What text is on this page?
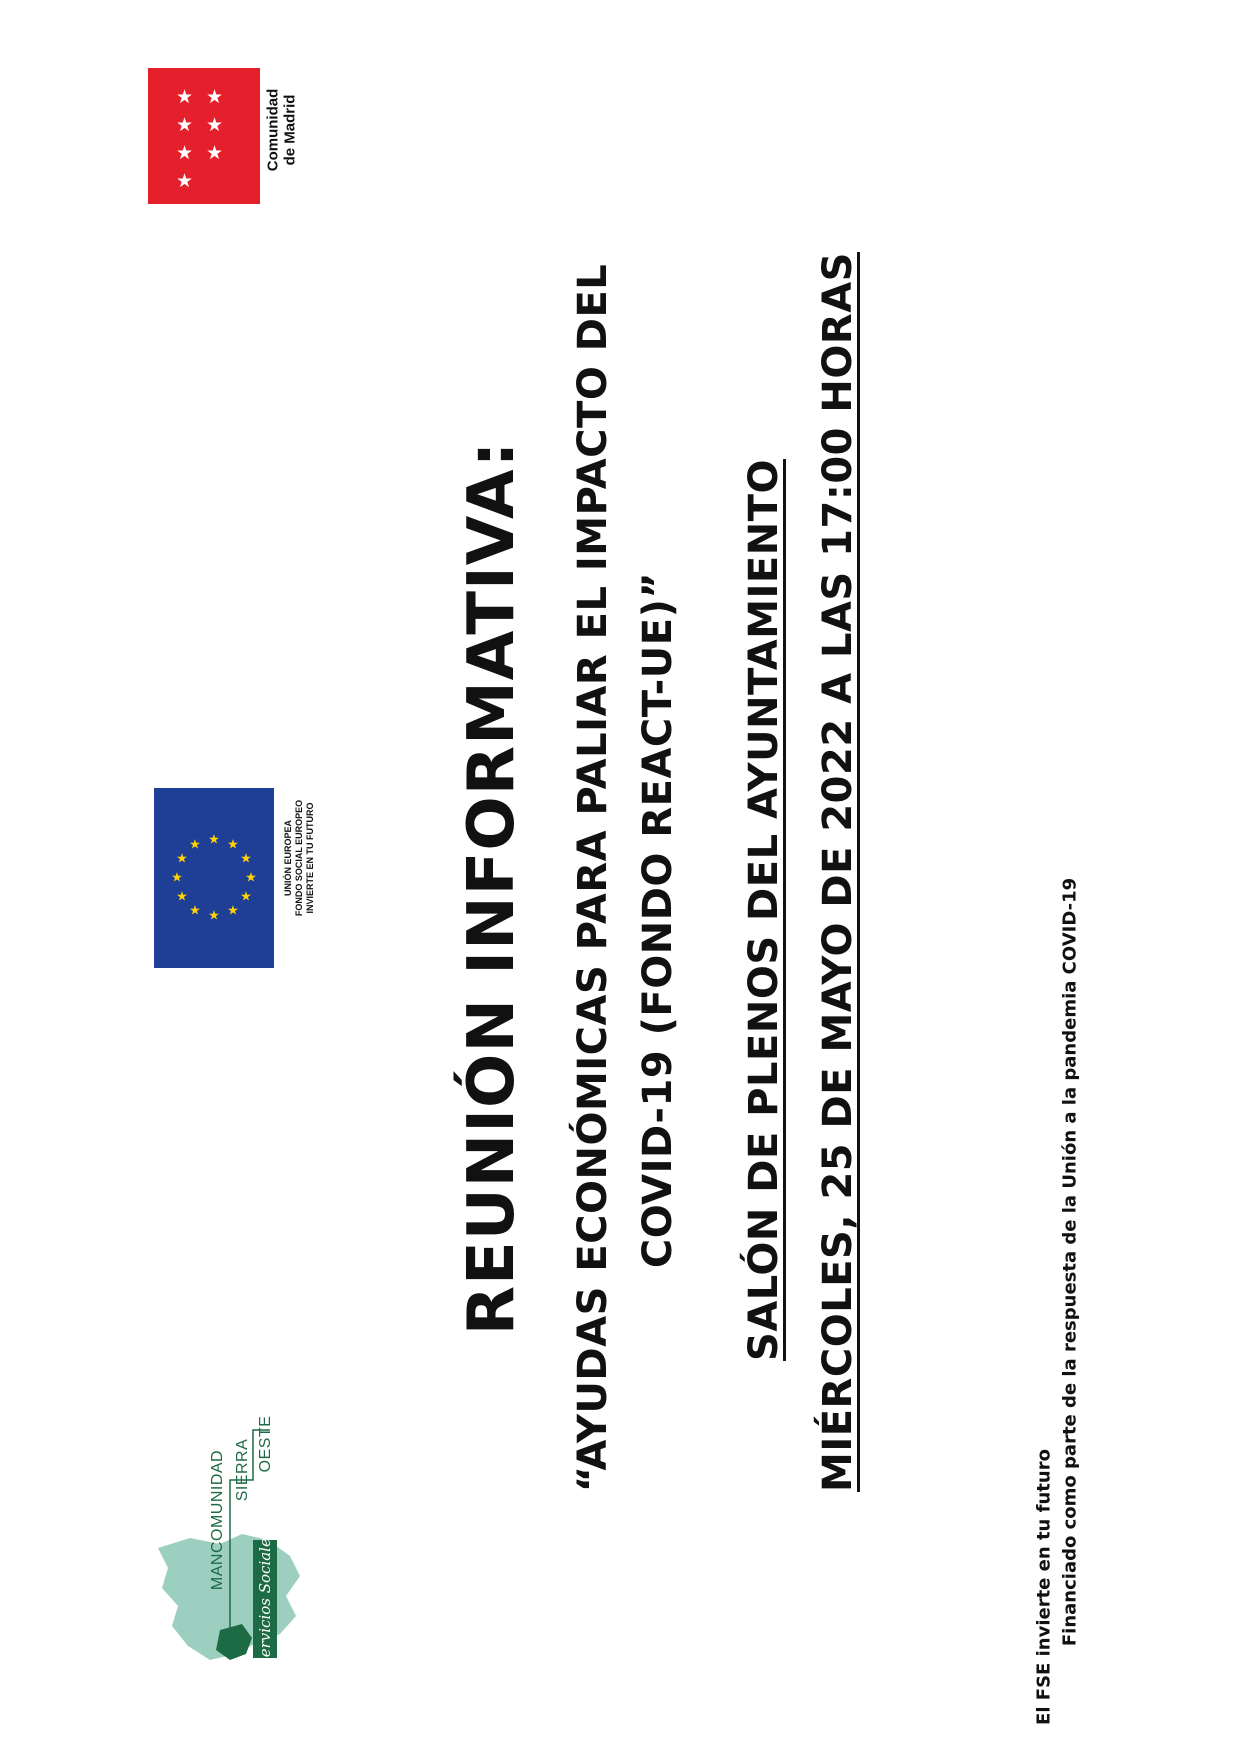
★ ★
★ ★
★ ★
★
Comunidad de Madrid
★ ★
★
★
★
★
★
★
★
★
★
★	UNIÓN EUROPEA FONDO SOCIAL EUROPEO INVIERTE EN TU FUTURO
MANCOMUNIDAD SIERRA OESTE
Servicios Sociales
REUNIÓN INFORMATIVA: “AYUDAS ECONÓMICAS PARA PALIAR EL IMPACTO DEL COVID-19 (FONDO REACT-UE)” SALÓN DE PLENOS DEL AYUNTAMIENTO MIÉRCOLES, 25 DE MAYO DE 2022 A LAS 17:00 HORAS
El FSE invierte en tu futuro Financiado como parte de la respuesta de la Unión a la pandemia COVID-19
